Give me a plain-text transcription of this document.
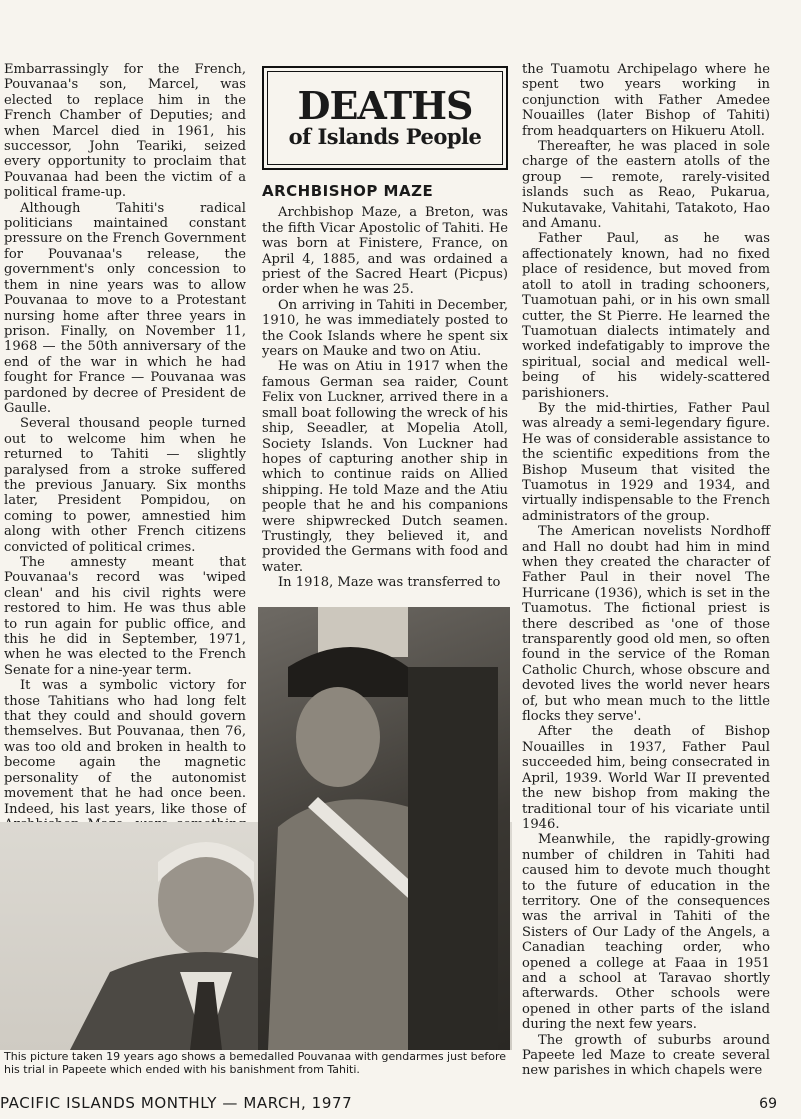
Embarrassingly for the French, Pouvanaa's son, Marcel, was elected to replace him in the French Chamber of Deputies; and when Marcel died in 1961, his successor, John Teariki, seized every opportunity to proclaim that Pouvanaa had been the victim of a political frame-up.

Although Tahiti's radical politicians maintained constant pressure on the French Government for Pouvanaa's release, the government's only concession to them in nine years was to allow Pouvanaa to move to a Protestant nursing home after three years in prison. Finally, on November 11, 1968 — the 50th anniversary of the end of the war in which he had fought for France — Pouvanaa was pardoned by decree of President de Gaulle.

Several thousand people turned out to welcome him when he returned to Tahiti — slightly paralysed from a stroke suffered the previous January. Six months later, President Pompidou, on coming to power, amnestied him along with other French citizens convicted of political crimes.

The amnesty meant that Pouvanaa's record was 'wiped clean' and his civil rights were restored to him. He was thus able to run again for public office, and this he did in September, 1971, when he was elected to the French Senate for a nine-year term.

It was a symbolic victory for those Tahitians who had long felt that they could and should govern themselves. But Pouvanaa, then 76, was too old and broken in health to become again the magnetic personality of the autonomist movement that he had once been. Indeed, his last years, like those of

DEATHS
of Islands People
ARCHBISHOP MAZE

Archbishop Maze, a Breton, was the fifth Vicar Apostolic of Tahiti. He was born at Finistere, France, on April 4, 1885, and was ordained a priest of the Sacred Heart (Picpus) order when he was 25.

On arriving in Tahiti in December, 1910, he was immediately posted to the Cook Islands where he spent six years on Mauke and two on Atiu.

He was on Atiu in 1917 when the famous German sea raider, Count Felix von Luckner, arrived there in a small boat following the wreck of his ship, Seeadler, at Mopelia Atoll, Society Islands. Von Luckner had hopes of capturing another ship in which to continue raids on Allied shipping. He told Maze and the Atiu people that he and his companions were shipwrecked Dutch seamen. Trustingly, they believed it, and provided the Germans with food and water.

In 1918, Maze was transferred to

the Tuamotu Archipelago where he spent two years working in conjunction with Father Amedee Nouailles (later Bishop of Tahiti) from headquarters on Hikueru Atoll.

Thereafter, he was placed in sole charge of the eastern atolls of the group — remote, rarely-visited islands such as Reao, Pukarua, Nukutavake, Vahitahi, Tatakoto, Hao and Amanu.

Father Paul, as he was affectionately known, had no fixed place of residence, but moved from atoll to atoll in trading schooners, Tuamotuan pahi, or in his own small cutter, the St Pierre. He learned the Tuamotuan dialects intimately and worked indefatigably to improve the spiritual, social and medical well-being of his widely-scattered parishioners.

By the mid-thirties, Father Paul was already a semi-legendary figure. He was of considerable assistance to the scientific expeditions from the Bishop Museum that visited the Tuamotus in 1929 and 1934, and virtually indispensable to the French administrators of the group.

The American novelists Nordhoff and Hall no doubt had him in mind when they created the character of Father Paul in their novel The Hurricane (1936), which is set in the Tuamotus. The fictional priest is there described as 'one of those transparently good old men, so often found in the service of the Roman Catholic Church, whose obscure and devoted lives the world never hears of, but who mean much to the little flocks they serve'.

After the death of Bishop Nouailles in 1937, Father Paul succeeded him, being consecrated in April, 1939. World War II prevented the new bishop from making the traditional tour of his vicariate until 1946.

Meanwhile, the rapidly-growing number of children in Tahiti had caused him to devote much thought to the future of education in the territory. One of the consequences was the arrival in Tahiti of the Sisters of Our Lady of the Angels, a Canadian teaching order, who opened a college at Faaa in 1951 and a school at Taravao shortly afterwards. Other schools were opened in other parts of the island during the next few years.

The growth of suburbs around Papeete led Maze to create several new parishes in which chapels were

This picture taken 19 years ago shows a bemedalled Pouvanaa with gendarmes just before his trial in Papeete which ended with his banishment from Tahiti.
PACIFIC ISLANDS MONTHLY — MARCH, 1977	69
